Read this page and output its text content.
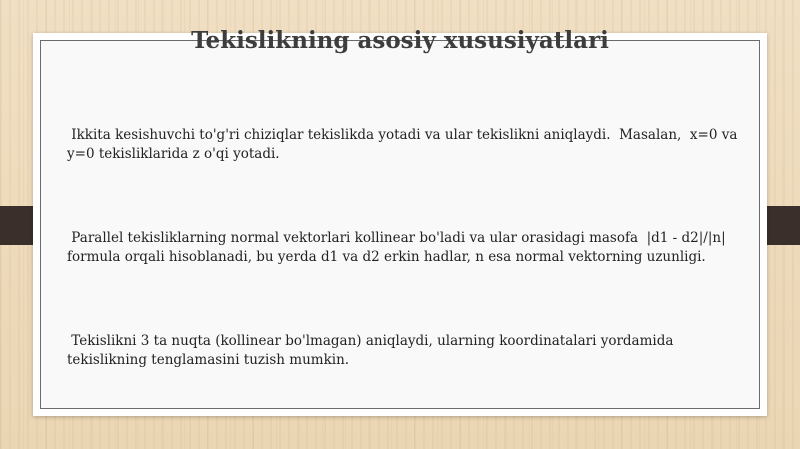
Tekislikning asosiy xususiyatlari
Ikkita kesishuvchi to'g'ri chiziqlar tekislikda yotadi va ular tekislikni aniqlaydi.  Masalan,  x=0 va y=0 tekisliklarida z o'qi yotadi.
Parallel tekisliklarning normal vektorlari kollinear bo'ladi va ular orasidagi masofa  |d1 - d2|/|n| formula orqali hisoblanadi, bu yerda d1 va d2 erkin hadlar, n esa normal vektorning uzunligi.
Tekislikni 3 ta nuqta (kollinear bo'lmagan) aniqlaydi, ularning koordinatalari yordamida tekislikning tenglamasini tuzish mumkin.
